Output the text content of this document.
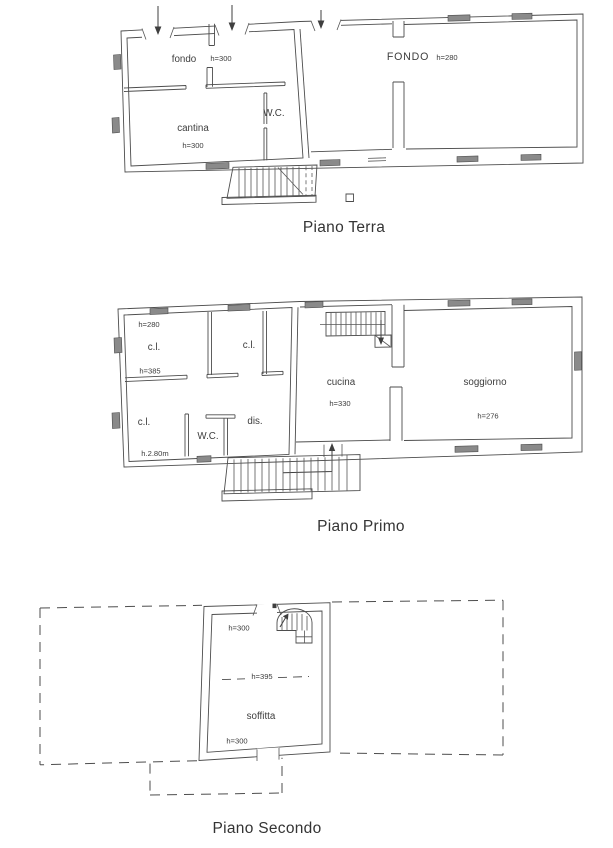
fondo h=300
W.C.
cantina
h=300
FONDO h=280
Piano Terra
h=280
c.l.
h=385
c.l.
c.l.
h.2.80m
W.C.
dis.
cucina
h=330
soggiorno
h=276
Piano Primo
h=300
h=395
soffitta
h=300
Piano Secondo
